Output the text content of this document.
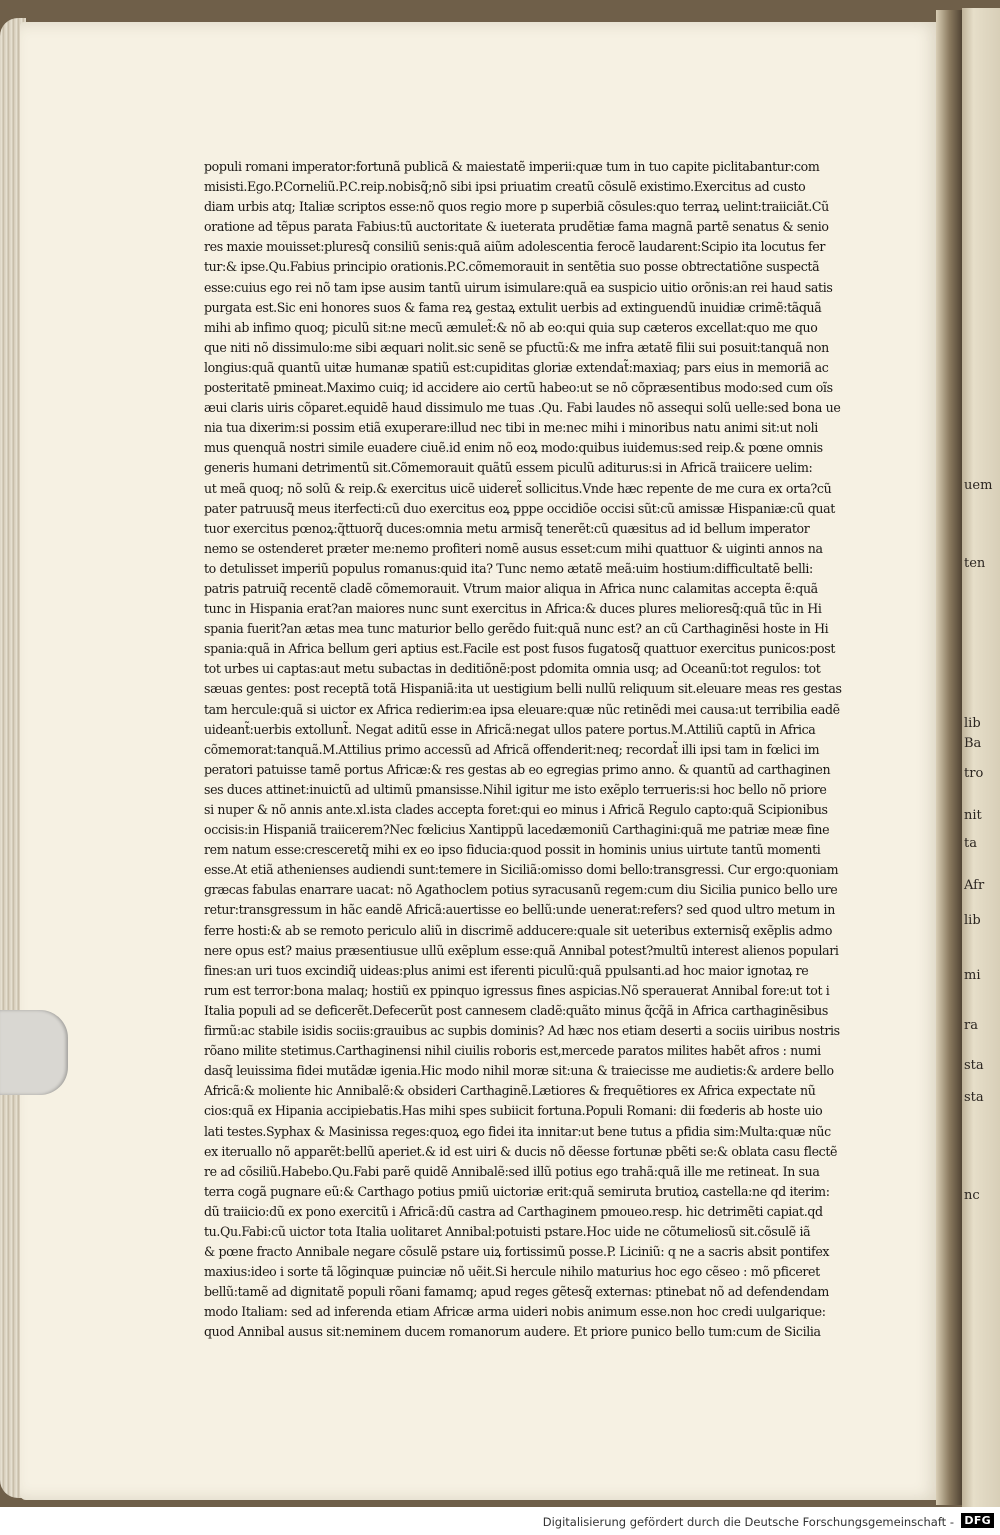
uem
ten
lib
Ba
tro
nit
ta
Afr
lib
mi
ra
sta
sta
nc
populi romani imperator:fortunã publicã & maiestatẽ imperii:quæ tum in tuo capite piclitabantur:com
misisti.Ego.P.Corneliũ.P.C.reip.nobisq̃;nõ sibi ipsi priuatim creatũ cõsulẽ existimo.Exercitus ad custo
diam urbis atq; Italiæ scriptos esse:nõ quos regio more p superbiã cõsules:quo terraꝝ uelint:traiiciãt.Cũ
oratione ad tẽpus parata Fabius:tũ auctoritate & iueterata prudẽtiæ fama magnã partẽ senatus & senio
res maxie mouisset:pluresq̃ consiliũ senis:quã aiũm adolescentia ferocẽ laudarent:Scipio ita locutus fer
tur:& ipse.Qu.Fabius principio orationis.P.C.cõmemorauit in sentẽtia suo posse obtrectatiõne suspectã
esse:cuius ego rei nõ tam ipse ausim tantũ uirum isimulare:quã ea suspicio uitio orõnis:an rei haud satis
purgata est.Sic eni honores suos & fama reꝝ gestaꝝ extulit uerbis ad extinguendũ inuidiæ crimẽ:tãquã
mihi ab infimo quoq; piculũ sit:ne mecũ æmulet̃:& nõ ab eo:qui quia sup cæteros excellat:quo me quo
que niti nõ dissimulo:me sibi æquari nolit.sic senẽ se pfuctũ:& me infra ætatẽ filii sui posuit:tanquã non
longius:quã quantũ uitæ humanæ spatiũ est:cupiditas gloriæ extendat̃:maxiaq; pars eius in memoriã ac
posteritatẽ pmineat.Maximo cuiq; id accidere aio certũ habeo:ut se nõ cõpræsentibus modo:sed cum oĩs
æui claris uiris cõparet.equidẽ haud dissimulo me tuas .Qu. Fabi laudes nõ assequi solũ uelle:sed bona ue
nia tua dixerim:si possim etiã exuperare:illud nec tibi in me:nec mihi i minoribus natu animi sit:ut noli
mus quenquã nostri simile euadere ciuẽ.id enim nõ eoꝝ modo:quibus iuidemus:sed reip.& pœne omnis
generis humani detrimentũ sit.Cõmemorauit quãtũ essem piculũ aditurus:si in Africã traiicere uelim:
ut meã quoq; nõ solũ & reip.& exercitus uicẽ uideret̃ sollicitus.Vnde hæc repente de me cura ex orta?cũ
pater patruusq̃ meus iterfecti:cũ duo exercitus eoꝝ pppe occidiõe occisi sũt:cũ amissæ Hispaniæ:cũ quat
tuor exercitus pœnoꝝ:q̃ttuorq̃ duces:omnia metu armisq̃ tenerẽt:cũ quæsitus ad id bellum imperator
nemo se ostenderet præter me:nemo profiteri nomẽ ausus esset:cum mihi quattuor & uiginti annos na
to detulisset imperiũ populus romanus:quid ita? Tunc nemo ætatẽ meã:uim hostium:difficultatẽ belli:
patris patruiq̃ recentẽ cladẽ cõmemorauit. Vtrum maior aliqua in Africa nunc calamitas accepta ẽ:quã
tunc in Hispania erat?an maiores nunc sunt exercitus in Africa:& duces plures melioresq̃:quã tũc in Hi
spania fuerit?an ætas mea tunc maturior bello gerẽdo fuit:quã nunc est? an cũ Carthaginẽsi hoste in Hi
spania:quã in Africa bellum geri aptius est.Facile est post fusos fugatosq̃ quattuor exercitus punicos:post
tot urbes ui captas:aut metu subactas in deditiõnẽ:post pdomita omnia usq; ad Oceanũ:tot regulos: tot
sæuas gentes: post receptã totã Hispaniã:ita ut uestigium belli nullũ reliquum sit.eleuare meas res gestas
tam hercule:quã si uictor ex Africa redierim:ea ipsa eleuare:quæ nũc retinẽdi mei causa:ut terribilia eadẽ
uideant̃:uerbis extollunt̃. Negat aditũ esse in Africã:negat ullos patere portus.M.Attiliũ captũ in Africa
cõmemorat:tanquã.M.Attilius primo accessũ ad Africã offenderit:neq; recordat̃ illi ipsi tam in fœlici im
peratori patuisse tamẽ portus Africæ:& res gestas ab eo egregias primo anno. & quantũ ad carthaginen
ses duces attinet:inuictũ ad ultimũ pmansisse.Nihil igitur me isto exẽplo terrueris:si hoc bello nõ priore
si nuper & nõ annis ante.xl.ista clades accepta foret:qui eo minus i Africã Regulo capto:quã Scipionibus
occisis:in Hispaniã traiicerem?Nec fœlicius Xantippũ lacedæmoniũ Carthagini:quã me patriæ meæ fine
rem natum esse:cresceretq̃ mihi ex eo ipso fiducia:quod possit in hominis unius uirtute tantũ momenti
esse.At etiã athenienses audiendi sunt:temere in Siciliã:omisso domi bello:transgressi. Cur ergo:quoniam
græcas fabulas enarrare uacat: nõ Agathoclem potius syracusanũ regem:cum diu Sicilia punico bello ure
retur:transgressum in hãc eandẽ Africã:auertisse eo bellũ:unde uenerat:refers? sed quod ultro metum in
ferre hosti:& ab se remoto periculo aliũ in discrimẽ adducere:quale sit ueteribus externisq̃ exẽplis admo
nere opus est? maius præsentiusue ullũ exẽplum esse:quã Annibal potest?multũ interest alienos populari
fines:an uri tuos excindiq̃ uideas:plus animi est iferenti piculũ:quã ppulsanti.ad hoc maior ignotaꝝ re
rum est terror:bona malaq; hostiũ ex ppinquo igressus fines aspicias.Nõ sperauerat Annibal fore:ut tot i
Italia populi ad se deficerẽt.Defecerũt post cannesem cladẽ:quãto minus q̃cq̃ã in Africa carthaginẽsibus
firmũ:ac stabile isidis sociis:grauibus ac supbis dominis? Ad hæc nos etiam deserti a sociis uiribus nostris
rõano milite stetimus.Carthaginensi nihil ciuilis roboris est,mercede paratos milites habẽt afros : numi
dasq̃ leuissima fidei mutãdæ igenia.Hic modo nihil moræ sit:una & traiecisse me audietis:& ardere bello
Africã:& moliente hic Annibalẽ:& obsideri Carthaginẽ.Lætiores & frequẽtiores ex Africa expectate nũ
cios:quã ex Hipania accipiebatis.Has mihi spes subiicit fortuna.Populi Romani: dii fœderis ab hoste uio
lati testes.Syphax & Masinissa reges:quoꝝ ego fidei ita innitar:ut bene tutus a pfidia sim:Multa:quæ nũc
ex iteruallo nõ apparẽt:bellũ aperiet.& id est uiri & ducis nõ dẽesse fortunæ pbẽti se:& oblata casu flectẽ
re ad cõsiliũ.Habebo.Qu.Fabi parẽ quidẽ Annibalẽ:sed illũ potius ego trahã:quã ille me retineat. In sua
terra cogã pugnare eũ:& Carthago potius pmiũ uictoriæ erit:quã semiruta brutioꝝ castella:ne qd iterim:
dũ traiicio:dũ ex pono exercitũ i Africã:dũ castra ad Carthaginem pmoueo.resp. hic detrimẽti capiat.qd
tu.Qu.Fabi:cũ uictor tota Italia uolitaret Annibal:potuisti pstare.Hoc uide ne cõtumeliosũ sit.cõsulẽ iã
& pœne fracto Annibale negare cõsulẽ pstare uiꝝ fortissimũ posse.P. Liciniũ: q ne a sacris absit pontifex
maxius:ideo i sorte tã lõginquæ puinciæ nõ uẽit.Si hercule nihilo maturius hoc ego cẽseo : mõ pficeret
bellũ:tamẽ ad dignitatẽ populi rõani famamq; apud reges gẽtesq̃ externas: ptinebat nõ ad defendendam
modo Italiam: sed ad inferenda etiam Africæ arma uideri nobis animum esse.non hoc credi uulgarique:
quod Annibal ausus sit:neminem ducem romanorum audere. Et priore punico bello tum:cum de Sicilia
Digitalisierung gefördert durch die Deutsche Forschungsgemeinschaft - DFG
